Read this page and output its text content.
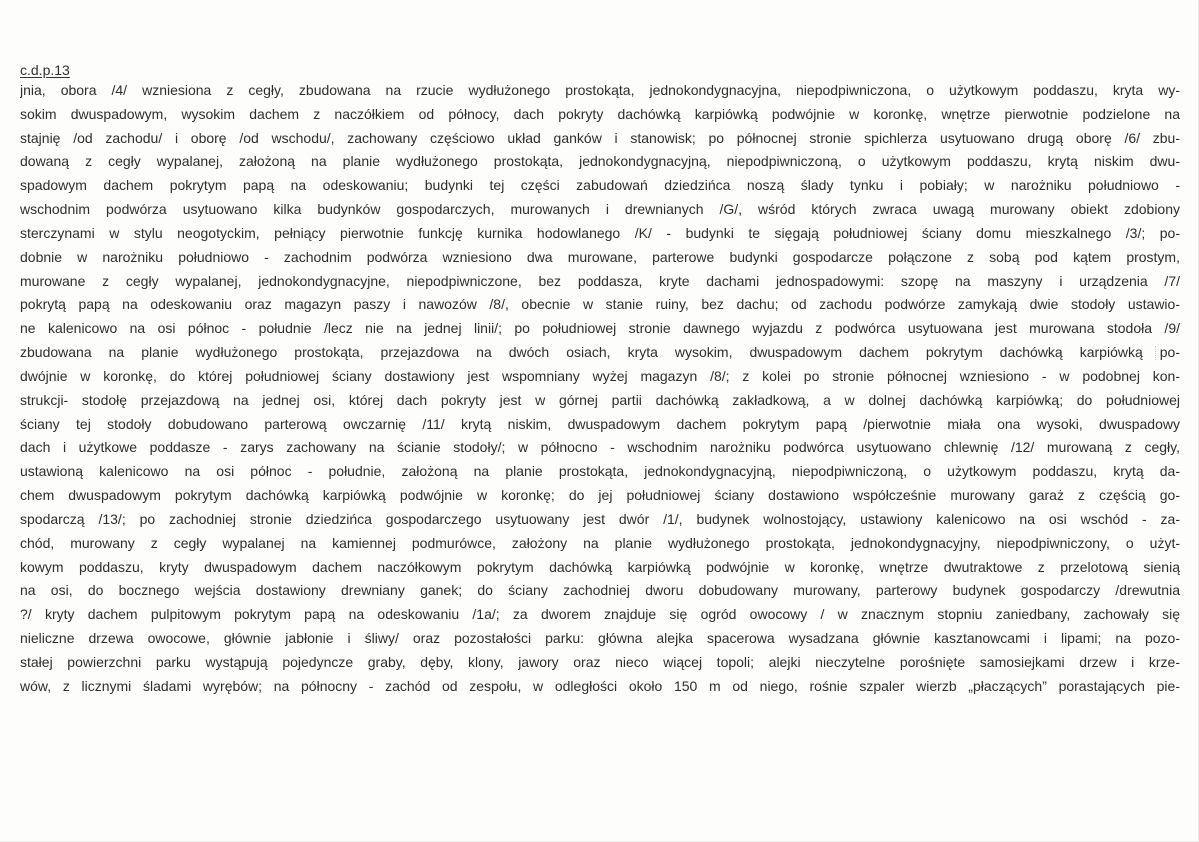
c.d.p.13
jnia, obora /4/ wzniesiona z cegły, zbudowana na rzucie wydłużonego prostokąta, jednokondygnacyjna, niepodpiwniczona, o użytkowym poddaszu, kryta wy-
sokim dwuspadowym, wysokim dachem z naczółkiem od północy, dach pokryty dachówką karpiówką podwójnie w koronkę, wnętrze pierwotnie podzielone na
stajnię /od zachodu/ i oborę /od wschodu/, zachowany częściowo układ ganków i stanowisk; po północnej stronie spichlerza usytuowano drugą oborę /6/ zbu-
dowaną z cegły wypalanej, założoną na planie wydłużonego prostokąta, jednokondygnacyjną, niepodpiwniczoną, o użytkowym poddaszu, krytą niskim dwu-
spadowym dachem pokrytym papą na odeskowaniu; budynki tej części zabudowań dziedzińca noszą ślady tynku i pobiały; w narożniku południowo -
wschodnim podwórza usytuowano kilka budynków gospodarczych, murowanych i drewnianych /G/, wśród których zwraca uwagą murowany obiekt zdobiony
sterczynami w stylu neogotyckim, pełniący pierwotnie funkcję kurnika hodowlanego /K/ - budynki te sięgają południowej ściany domu mieszkalnego /3/; po-
dobnie w narożniku południowo - zachodnim podwórza wzniesiono dwa murowane, parterowe budynki gospodarcze połączone z sobą pod kątem prostym,
murowane z cegły wypalanej, jednokondygnacyjne, niepodpiwniczone, bez poddasza, kryte dachami jednospadowymi: szopę na maszyny i urządzenia /7/
pokrytą papą na odeskowaniu oraz magazyn paszy i nawozów /8/, obecnie w stanie ruiny, bez dachu; od zachodu podwórze zamykają dwie stodoły ustawio-
ne kalenicowo na osi północ - południe /lecz nie na jednej linii/; po południowej stronie dawnego wyjazdu z podwórca usytuowana jest murowana stodoła /9/
zbudowana na planie wydłużonego prostokąta, przejazdowa na dwóch osiach, kryta wysokim, dwuspadowym dachem pokrytym dachówką karpiówką po-
dwójnie w koronkę, do której południowej ściany dostawiony jest wspomniany wyżej magazyn /8/; z kolei po stronie północnej wzniesiono - w podobnej kon-
strukcji- stodołę przejazdową na jednej osi, której dach pokryty jest w górnej partii dachówką zakładkową, a w dolnej dachówką karpiówką; do południowej
ściany tej stodoły dobudowano parterową owczarnię /11/ krytą niskim, dwuspadowym dachem pokrytym papą /pierwotnie miała ona wysoki, dwuspadowy
dach i użytkowe poddasze - zarys zachowany na ścianie stodoły/; w północno - wschodnim narożniku podwórca usytuowano chlewnię /12/ murowaną z cegły,
ustawioną kalenicowo na osi północ - południe, założoną na planie prostokąta, jednokondygnacyjną, niepodpiwniczoną, o użytkowym poddaszu, krytą da-
chem dwuspadowym pokrytym dachówką karpiówką podwójnie w koronkę; do jej południowej ściany dostawiono współcześnie murowany garaż z częścią go-
spodarczą /13/; po zachodniej stronie dziedzińca gospodarczego usytuowany jest dwór /1/, budynek wolnostojący, ustawiony kalenicowo na osi wschód - za-
chód, murowany z cegły wypalanej na kamiennej podmurówce, założony na planie wydłużonego prostokąta, jednokondygnacyjny, niepodpiwniczony, o użyt-
kowym poddaszu, kryty dwuspadowym dachem naczółkowym pokrytym dachówką karpiówką podwójnie w koronkę, wnętrze dwutraktowe z przelotową sienią
na osi, do bocznego wejścia dostawiony drewniany ganek; do ściany zachodniej dworu dobudowany murowany, parterowy budynek gospodarczy /drewutnia
?/ kryty dachem pulpitowym pokrytym papą na odeskowaniu /1a/; za dworem znajduje się ogród owocowy / w znacznym stopniu zaniedbany, zachowały się
nieliczne drzewa owocowe, głównie jabłonie i śliwy/ oraz pozostałości parku: główna alejka spacerowa wysadzana głównie kasztanowcami i lipami; na pozo-
stałej powierzchni parku wystąpują pojedyncze graby, dęby, klony, jawory oraz nieco wiącej topoli; alejki nieczytelne porośnięte samosiejkami drzew i krze-
wów, z licznymi śladami wyrębów; na północny - zachód od zespołu, w odległości około 150 m od niego, rośnie szpaler wierzb „płaczących” porastających pie-
